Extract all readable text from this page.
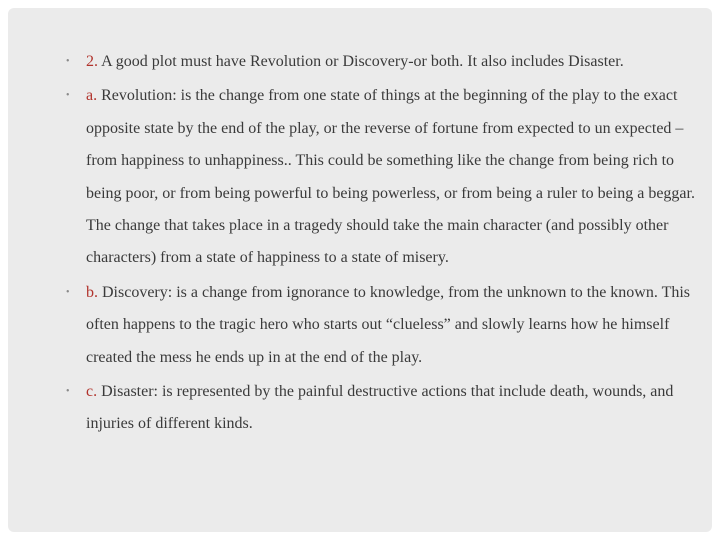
•	2. A good plot must have Revolution or Discovery-or both. It also includes Disaster.
•	a. Revolution: is the change from one state of things at the beginning of the play to the exact opposite state by the end of the play, or the reverse of fortune from expected to un expected – from happiness to unhappiness.. This could be something like the change from being rich to being poor, or from being powerful to being powerless, or from being a ruler to being a beggar. The change that takes place in a tragedy should take the main character (and possibly other characters) from a state of happiness to a state of misery.
•	b. Discovery: is a change from ignorance to knowledge, from the unknown to the known. This often happens to the tragic hero who starts out “clueless” and slowly learns how he himself created the mess he ends up in at the end of the play.
•	c. Disaster: is represented by the painful destructive actions that include death, wounds, and injuries of different kinds.
